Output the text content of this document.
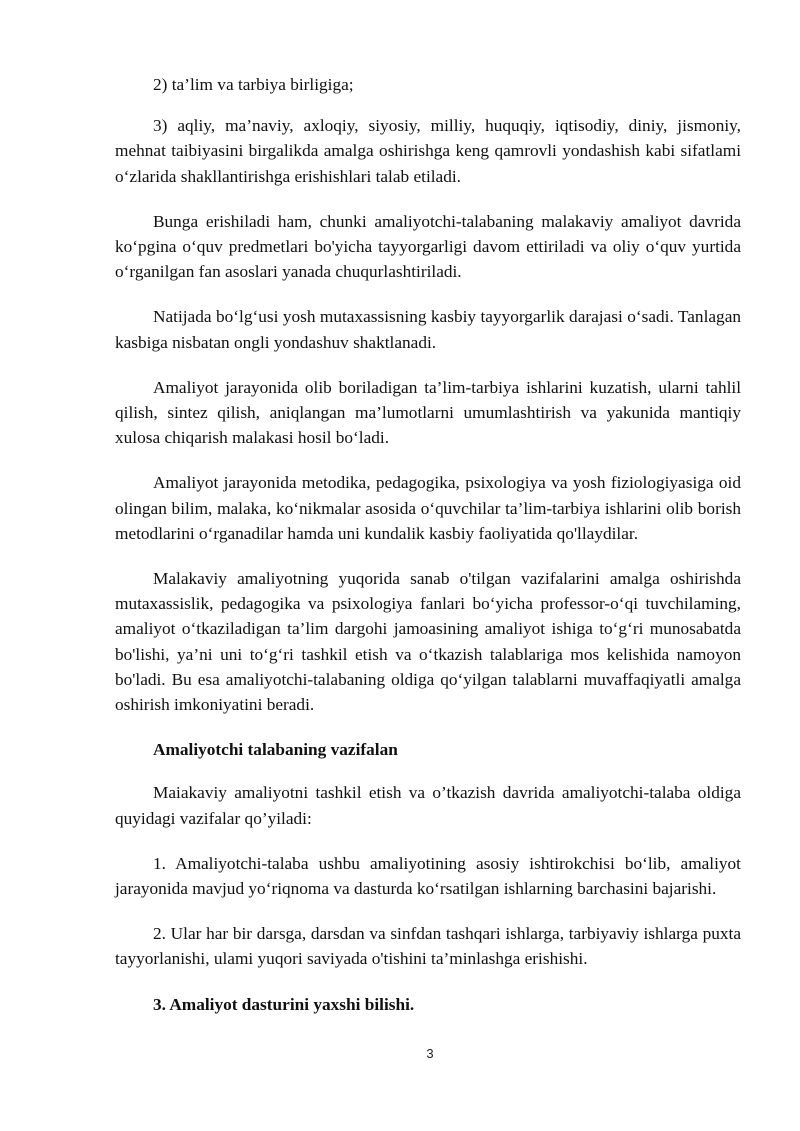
2) ta’lim va tarbiya birligiga;

3) aqliy, ma’naviy, axloqiy, siyosiy, milliy, huquqiy, iqtisodiy, diniy, jismoniy, mehnat taibiyasini birgalikda amalga oshirishga keng qamrovli yondashish kabi sifatlami o‘zlarida shakllantirishga erishishlari talab etiladi.

Bunga erishiladi ham, chunki amaliyotchi-talabaning malakaviy amaliyot davrida ko‘pgina o‘quv predmetlari bo'yicha tayyorgarligi davom ettiriladi va oliy o‘quv yurtida o‘rganilgan fan asoslari yanada chuqurlashtiriladi.

Natijada bo‘lg‘usi yosh mutaxassisning kasbiy tayyorgarlik darajasi o‘sadi. Tanlagan kasbiga nisbatan ongli yondashuv shaktlanadi.

Amaliyot jarayonida olib boriladigan ta’lim-tarbiya ishlarini kuzatish, ularni tahlil qilish, sintez qilish, aniqlangan ma’lumotlarni umumlashtirish va yakunida mantiqiy xulosa chiqarish malakasi hosil bo‘ladi.

Amaliyot jarayonida metodika, pedagogika, psixologiya va yosh fiziologiyasiga oid olingan bilim, malaka, ko‘nikmalar asosida o‘quvchilar ta’lim-tarbiya ishlarini olib borish metodlarini o‘rganadilar hamda uni kundalik kasbiy faoliyatida qo'llaydilar.

Malakaviy amaliyotning yuqorida sanab o'tilgan vazifalarini amalga oshirishda mutaxassislik, pedagogika va psixologiya fanlari bo‘yicha professor-o‘qi tuvchilaming, amaliyot o‘tkaziladigan ta’lim dargohi jamoasining amaliyot ishiga to‘g‘ri munosabatda bo'lishi, ya’ni uni to‘g‘ri tashkil etish va o‘tkazish talablariga mos kelishida namoyon bo'ladi. Bu esa amaliyotchi-talabaning oldiga qo‘yilgan talablarni muvaffaqiyatli amalga oshirish imkoniyatini beradi.

Amaliyotchi talabaning vazifalan

Maiakaviy amaliyotni tashkil etish va o’tkazish davrida amaliyotchi-talaba oldiga quyidagi vazifalar qo’yiladi:

1. Amaliyotchi-talaba ushbu amaliyotining asosiy ishtirokchisi bo‘lib, amaliyot jarayonida mavjud yo‘riqnoma va dasturda ko‘rsatilgan ishlarning barchasini bajarishi.

2. Ular har bir darsga, darsdan va sinfdan tashqari ishlarga, tarbiyaviy ishlarga puxta tayyorlanishi, ulami yuqori saviyada o'tishini ta’minlashga erishishi.

3. Amaliyot dasturini yaxshi bilishi.

3
